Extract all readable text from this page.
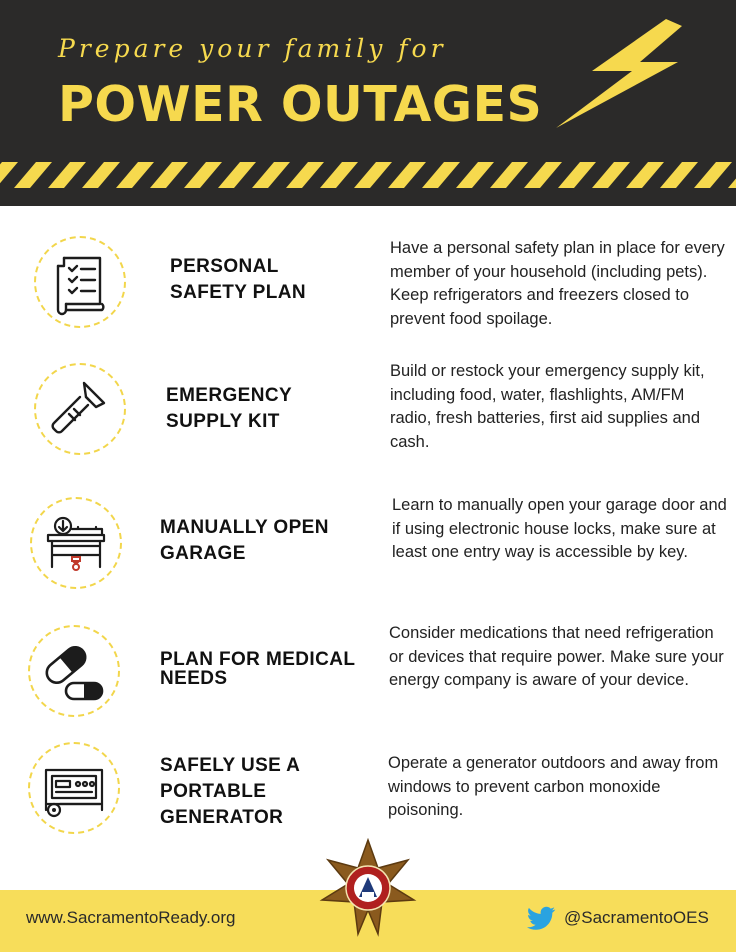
Prepare your family for
POWER OUTAGES
PERSONAL
SAFETY PLAN
Have a personal safety plan in place for every member of your household (including pets). Keep refrigerators and freezers closed to prevent food spoilage.
EMERGENCY
SUPPLY KIT
Build or restock your emergency supply kit, including food, water, flashlights, AM/FM radio, fresh batteries, first aid supplies and cash.
MANUALLY OPEN
GARAGE
Learn to manually open your garage door and if using electronic house locks, make sure at least one entry way is accessible by key.
PLAN FOR MEDICAL
NEEDS
Consider medications that need refrigeration or devices that require power. Make sure your energy company is aware of your device.
SAFELY USE A
PORTABLE
GENERATOR
Operate a generator outdoors and away from windows to prevent carbon monoxide poisoning.
www.SacramentoReady.org	@SacramentoOES
